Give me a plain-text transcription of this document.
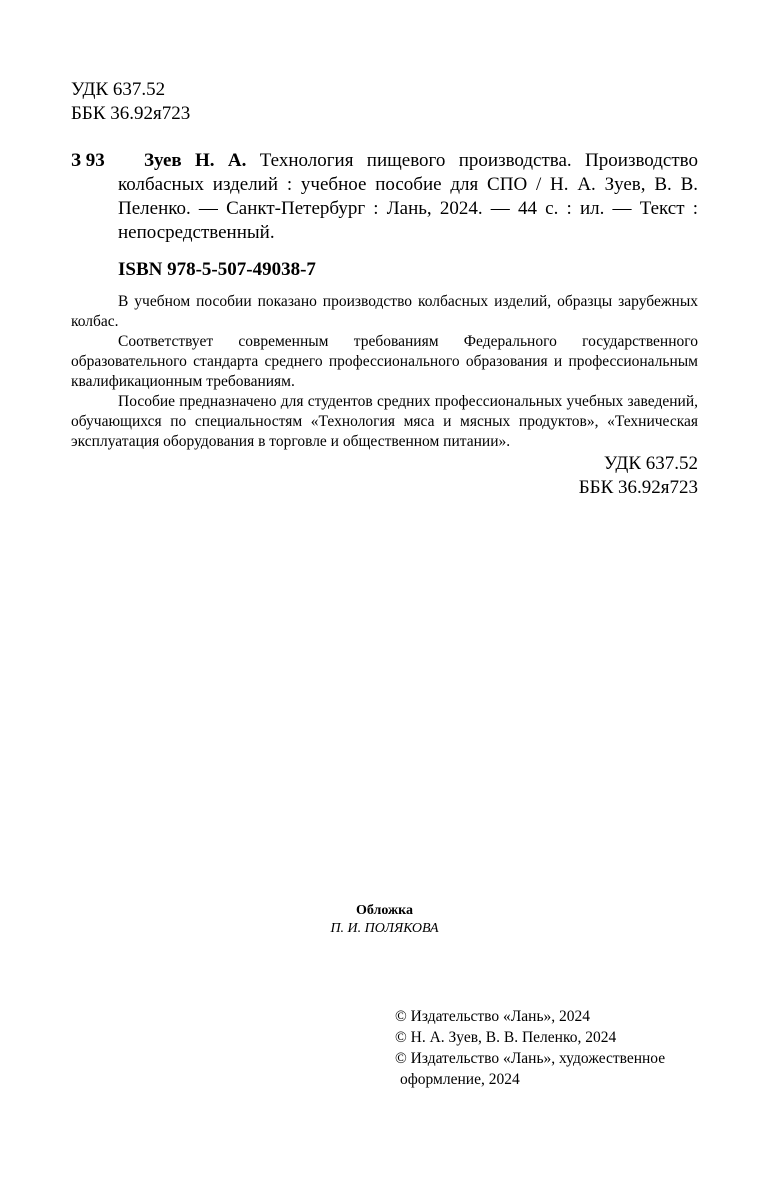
УДК 637.52
ББК 36.92я723
З 93	Зуев Н. А. Технология пищевого производства. Производство колбасных изделий : учебное пособие для СПО / Н. А. Зуев, В. В. Пеленко. — Санкт-Петербург : Лань, 2024. — 44 с. : ил. — Текст : непосредственный.
ISBN 978-5-507-49038-7

В учебном пособии показано производство колбасных изделий, образцы зарубежных колбас.

Соответствует современным требованиям Федерального государственного образовательного стандарта среднего профессионального образования и профессиональным квалификационным требованиям.

Пособие предназначено для студентов средних профессиональных учебных заведений, обучающихся по специальностям «Технология мяса и мясных продуктов», «Техническая эксплуатация оборудования в торговле и общественном питании».

УДК 637.52
ББК 36.92я723
Обложка
П. И. ПОЛЯКОВА
© Издательство «Лань», 2024
© Н. А. Зуев, В. В. Пеленко, 2024
© Издательство «Лань», художественное
оформление, 2024
